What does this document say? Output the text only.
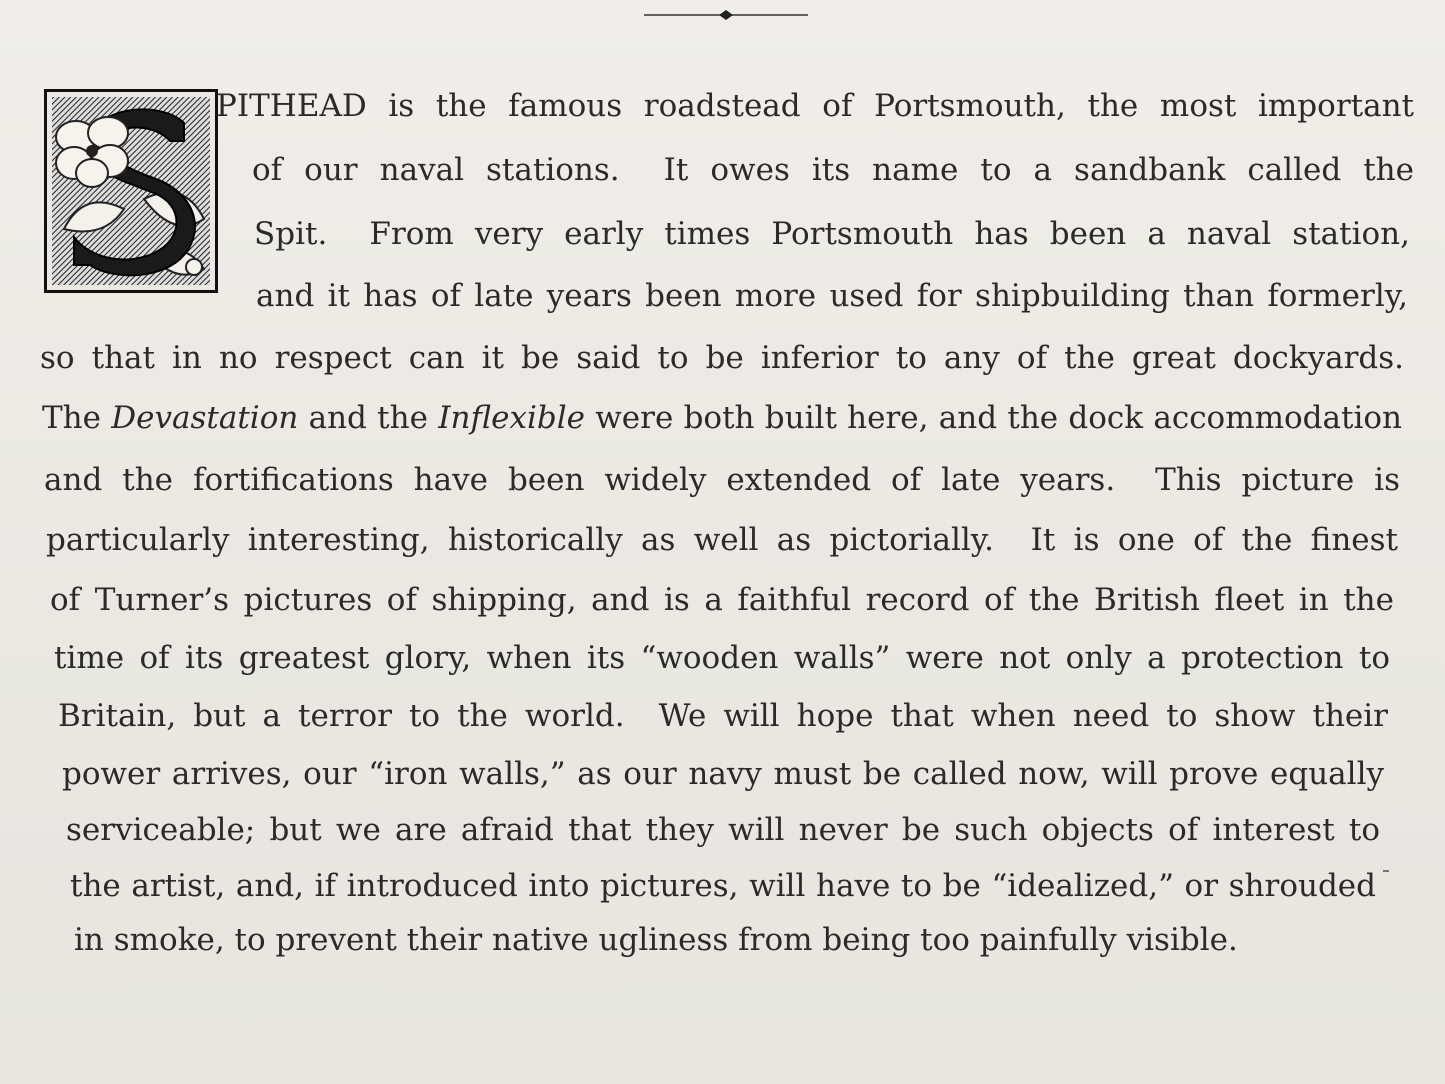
PITHEAD is the famous roadstead of Portsmouth, the most important
of our naval stations.  It owes its name to a sandbank called the
Spit.  From very early times Portsmouth has been a naval station,
and it has of late years been more used for shipbuilding than formerly,
so that in no respect can it be said to be inferior to any of the great dockyards.
The Devastation and the Inflexible were both built here, and the dock accommodation
and the fortifications have been widely extended of late years.  This picture is
particularly interesting, historically as well as pictorially.  It is one of the finest
of Turner’s pictures of shipping, and is a faithful record of the British fleet in the
time of its greatest glory, when its “wooden walls” were not only a protection to
Britain, but a terror to the world.  We will hope that when need to show their
power arrives, our “iron walls,” as our navy must be called now, will prove equally
serviceable; but we are afraid that they will never be such objects of interest to
the artist, and, if introduced into pictures, will have to be “idealized,” or shrouded
in smoke, to prevent their native ugliness from being too painfully visible.
